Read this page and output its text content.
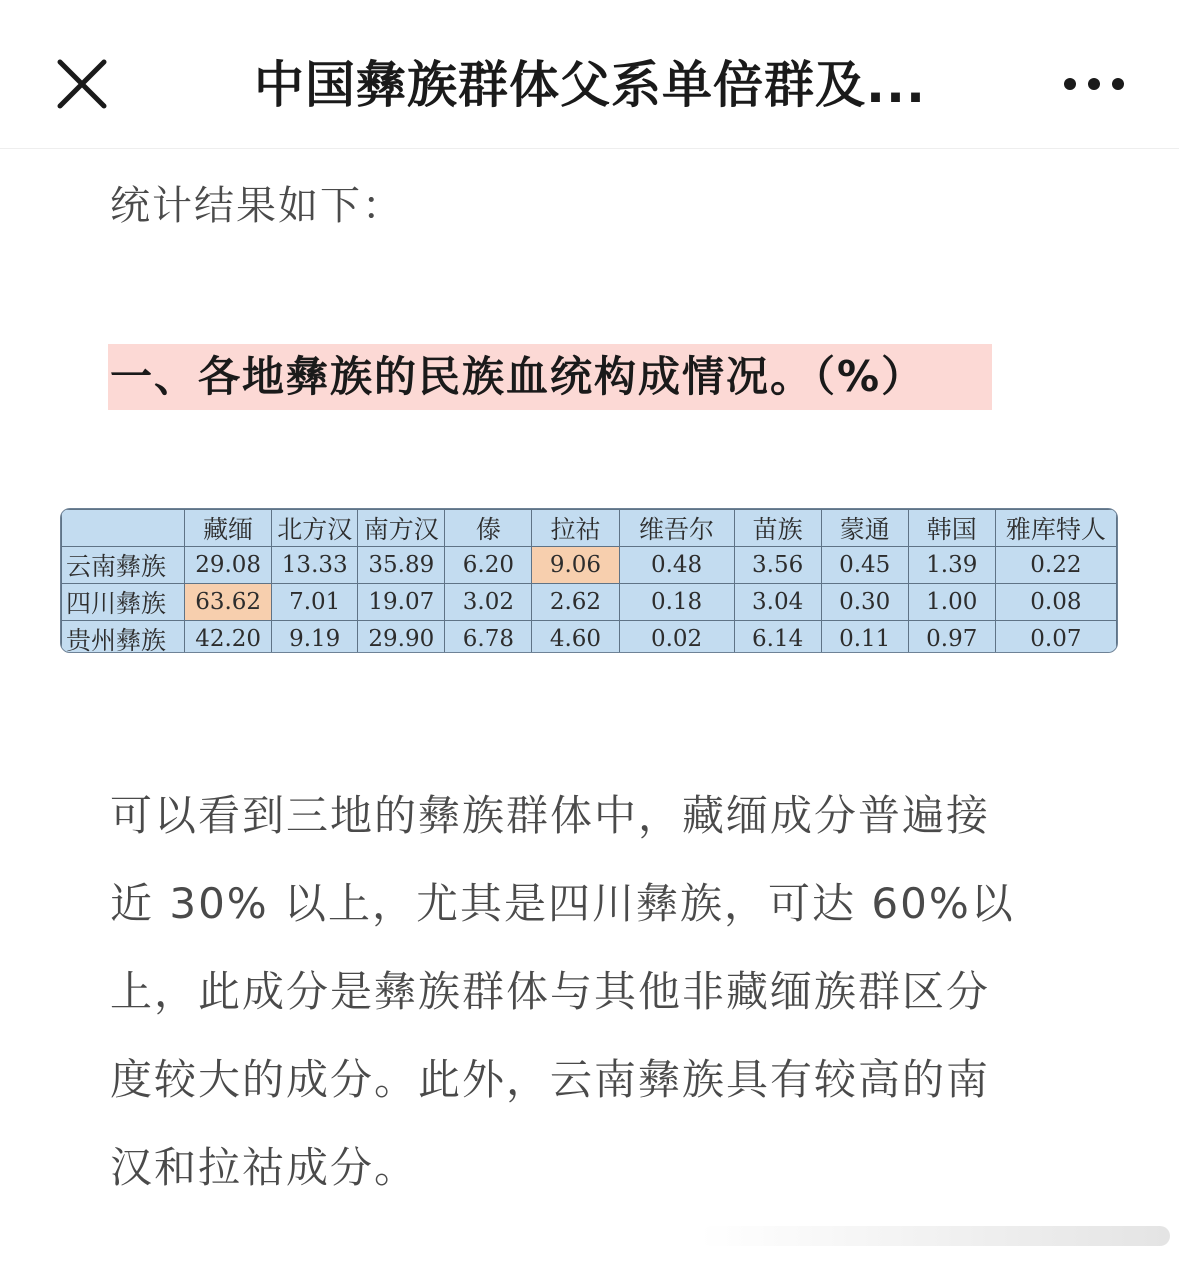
中国彝族群体父系单倍群及...
统计结果如下：
一、各地彝族的民族血统构成情况。（%）
	藏缅	北方汉	南方汉	傣	拉祜	维吾尔	苗族	蒙通	韩国	雅库特人
云南彝族	29.08	13.33	35.89	6.20	9.06	0.48	3.56	0.45	1.39	0.22
四川彝族	63.62	7.01	19.07	3.02	2.62	0.18	3.04	0.30	1.00	0.08
贵州彝族	42.20	9.19	29.90	6.78	4.60	0.02	6.14	0.11	0.97	0.07

可以看到三地的彝族群体中，藏缅成分普遍接

近 30% 以上，尤其是四川彝族，可达 60%以

上，此成分是彝族群体与其他非藏缅族群区分

度较大的成分。此外，云南彝族具有较高的南

汉和拉祜成分。
